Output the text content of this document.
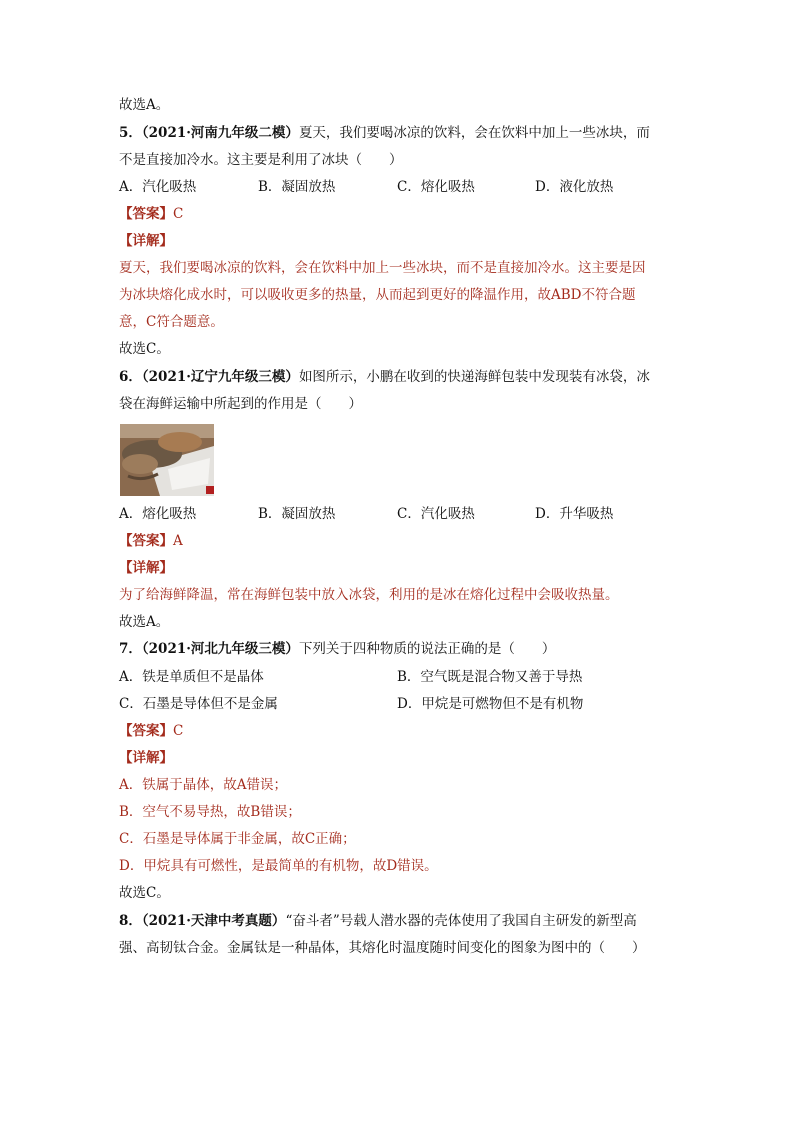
故选A。
5．（2021·河南九年级二模）夏天，我们要喝冰凉的饮料，会在饮料中加上一些冰块，而
不是直接加冷水。这主要是利用了冰块（　　）
A．汽化吸热	B．凝固放热	C．熔化吸热	D．液化放热
【答案】C
【详解】
夏天，我们要喝冰凉的饮料，会在饮料中加上一些冰块，而不是直接加冷水。这主要是因
为冰块熔化成水时，可以吸收更多的热量，从而起到更好的降温作用，故ABD不符合题
意，C符合题意。
故选C。
6．（2021·辽宁九年级三模）如图所示，小鹏在收到的快递海鲜包装中发现装有冰袋，冰
袋在海鲜运输中所起到的作用是（　　）
A．熔化吸热	B．凝固放热	C．汽化吸热	D．升华吸热
【答案】A
【详解】
为了给海鲜降温，常在海鲜包装中放入冰袋，利用的是冰在熔化过程中会吸收热量。
故选A。
7．（2021·河北九年级三模）下列关于四种物质的说法正确的是（　　）
A．铁是单质但不是晶体	B．空气既是混合物又善于导热
C．石墨是导体但不是金属	D．甲烷是可燃物但不是有机物
【答案】C
【详解】
A．铁属于晶体，故A错误；
B．空气不易导热，故B错误；
C．石墨是导体属于非金属，故C正确；
D．甲烷具有可燃性，是最简单的有机物，故D错误。
故选C。
8．（2021·天津中考真题）“奋斗者”号载人潜水器的壳体使用了我国自主研发的新型高
强、高韧钛合金。金属钛是一种晶体，其熔化时温度随时间变化的图象为图中的（　　）
